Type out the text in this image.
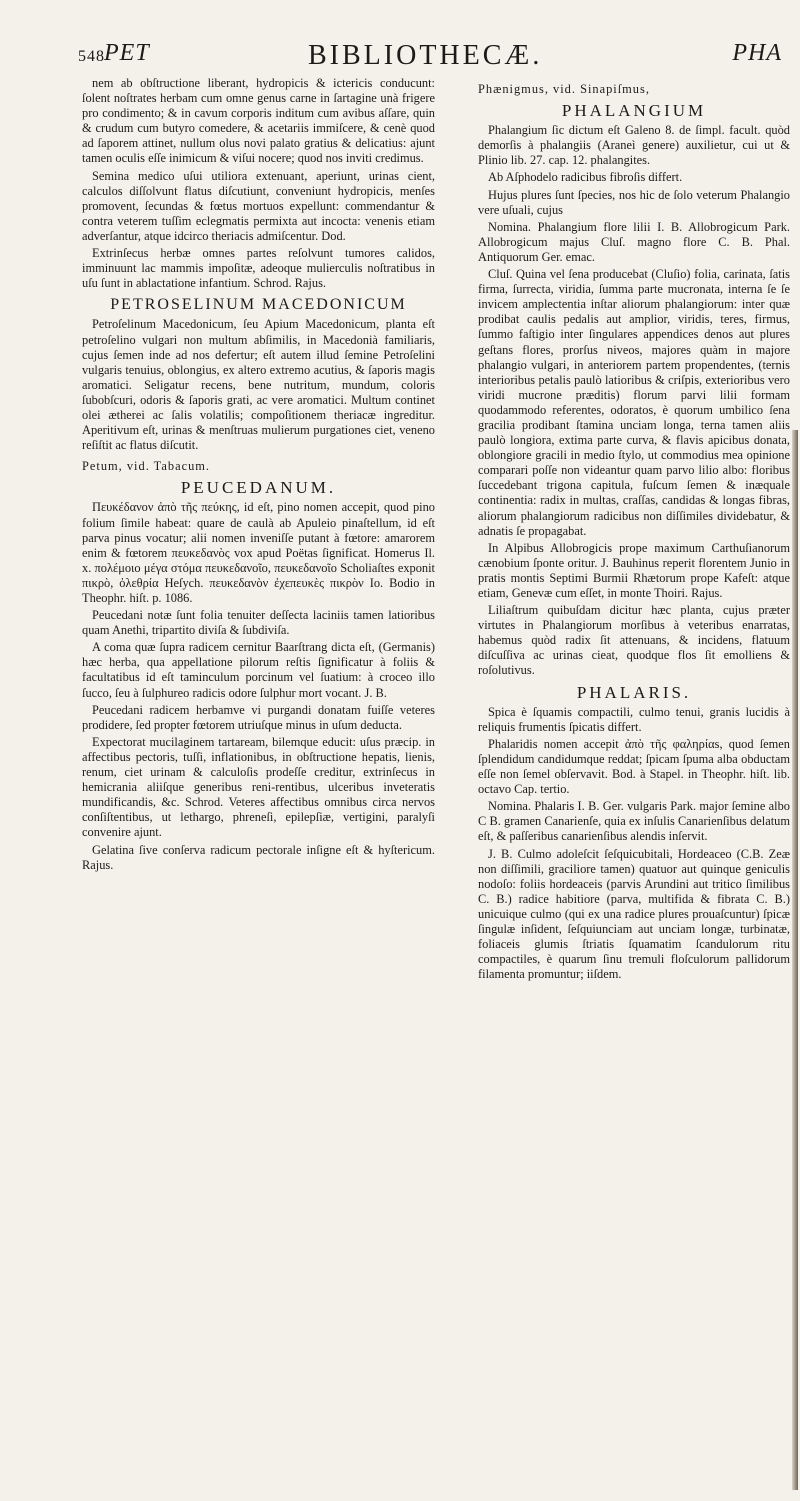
548 PET	BIBLIOTHECÆ.	PHA

nem ab obſtructione liberant, hydropicis & ictericis conducunt: ſolent noſtrates herbam cum omne genus carne in ſartagine unà frigere pro condimento; & in cavum corporis inditum cum avibus aſſare, quin & crudum cum butyro comedere, & acetariis immiſcere, & cenè quod ad ſaporem attinet, nullum olus novi palato gratius & delicatius: ajunt tamen oculis eſſe inimicum & viſui nocere; quod nos inviti credimus.

Semina medico uſui utiliora extenuant, aperiunt, urinas cient, calculos diſſolvunt flatus diſcutiunt, conveniunt hydropicis, menſes promovent, ſecundas & fœtus mortuos expellunt: commendantur & contra veterem tuſſim eclegmatis permixta aut incocta: venenis etiam adverſantur, atque idcirco theriacis admiſcentur. Dod.

Extrinſecus herbæ omnes partes reſolvunt tumores calidos, imminuunt lac mammis impoſitæ, adeoque mulierculis noſtratibus in uſu ſunt in ablactatione infantium. Schrod. Rajus.

PETROSELINUM MACEDONICUM

Petroſelinum Macedonicum, ſeu Apium Macedonicum, planta eſt petroſelino vulgari non multum abſimilis, in Macedonià familiaris, cujus ſemen inde ad nos defertur; eſt autem illud ſemine Petroſelini vulgaris tenuius, oblongius, ex altero extremo acutius, & ſaporis magis aromatici. Seligatur recens, bene nutritum, mundum, coloris ſubobſcuri, odoris & ſaporis grati, ac vere aromatici. Multum continet olei ætherei ac ſalis volatilis; compoſitionem theriacæ ingreditur. Aperitivum eſt, urinas & menſtruas mulierum purgationes ciet, veneno reſiſtit ac flatus diſcutit.

Petum, vid. Tabacum.

PEUCEDANUM.

Πευκέδανον ἀπὸ τῆς πεύκης, id eſt, pino nomen accepit, quod pino folium ſimile habeat: quare de caulà ab Apuleio pinaſtellum, id eſt parva pinus vocatur; alii nomen inveniſſe putant à fœtore: amarorem enim & fœtorem πευκεδανὸς vox apud Poëtas ſignificat. Homerus Il. x. πολέμοιο μέγα στόμα πευκεδανοῖο, πευκεδανοῖο Scholiaſtes exponit πικρὸ, ὀλεθρία Heſych. πευκεδανὸν ἐχεπευκὲς πικρὸν Io. Bodio in Theophr. hiſt. p. 1086.

Peucedani notæ ſunt folia tenuiter deſſecta laciniis tamen latioribus quam Anethi, tripartito diviſa & ſubdiviſa.

A coma quæ ſupra radicem cernitur Baarſtrang dicta eſt, (Germanis) hæc herba, qua appellatione pilorum reſtis ſignificatur à foliis & facultatibus id eſt taminculum porcinum vel ſuatium: à croceo illo ſucco, ſeu à ſulphureo radicis odore ſulphur mort vocant. J. B.

Peucedani radicem herbamve vi purgandi donatam fuiſſe veteres prodidere, ſed propter fœtorem utriuſque minus in uſum deducta.

Expectorat mucilaginem tartaream, bilemque educit: uſus præcip. in affectibus pectoris, tuſſi, inflationibus, in obſtructione hepatis, lienis, renum, ciet urinam & calculoſis prodeſſe creditur, extrinſecus in hemicrania aliiſque generibus reni-rentibus, ulceribus inveteratis mundificandis, &c. Schrod. Veteres affectibus omnibus circa nervos conſiſtentibus, ut lethargo, phreneſi, epilepſiæ, vertigini, paralyſi convenire ajunt.

Gelatina ſive conſerva radicum pectorale inſigne eſt & hyſtericum. Rajus.

Phænigmus, vid. Sinapiſmus,

PHALANGIUM

Phalangium ſic dictum eſt Galeno 8. de ſimpl. facult. quòd demorſis à phalangiis (Araneì genere) auxilietur, cui ut & Plinio lib. 27. cap. 12. phalangites.

Ab Aſphodelo radicibus fibroſis differt.

Hujus plures ſunt ſpecies, nos hic de ſolo veterum Phalangio vere uſuali, cujus

Nomina. Phalangium flore lilii I. B. Allobrogicum Park. Allobrogicum majus Cluſ. magno flore C. B. Phal. Antiquorum Ger. emac.

Cluſ. Quina vel ſena producebat (Cluſio) folia, carinata, ſatis firma, ſurrecta, viridia, ſumma parte mucronata, interna ſe ſe invicem amplectentia inſtar aliorum phalangiorum: inter quæ prodibat caulis pedalis aut amplior, viridis, teres, firmus, ſummo faſtigio inter ſingulares appendices denos aut plures geſtans flores, prorſus niveos, majores quàm in majore phalangio vulgari, in anteriorem partem propendentes, (ternis interioribus petalis paulò latioribus & criſpis, exterioribus vero viridi mucrone præditis) florum parvi lilii formam quodammodo referentes, odoratos, è quorum umbilico ſena gracilia prodibant ſtamina unciam longa, terna tamen aliis paulò longiora, extima parte curva, & flavis apicibus donata, oblongiore gracili in medio ſtylo, ut commodius mea opinione comparari poſſe non videantur quam parvo lilio albo: floribus ſuccedebant trigona capitula, fuſcum ſemen & inæquale continentia: radix in multas, craſſas, candidas & longas fibras, aliorum phalangiorum radicibus non diſſimiles dividebatur, & adnatis ſe propagabat.

In Alpibus Allobrogicis prope maximum Carthuſianorum cænobium ſponte oritur. J. Bauhinus reperit florentem Junio in pratis montis Septimi Burmii Rhætorum prope Kafeſt: atque etiam, Genevæ cum eſſet, in monte Thoiri. Rajus.

Liliaſtrum quibuſdam dicitur hæc planta, cujus præter virtutes in Phalangiorum morſibus à veteribus enarratas, habemus quòd radix ſit attenuans, & incidens, flatuum diſcuſſiva ac urinas cieat, quodque flos ſit emolliens & roſolutivus.

PHALARIS.

Spica è ſquamis compactili, culmo tenui, granis lucidis à reliquis frumentis ſpicatis differt.

Phalaridis nomen accepit ἀπὸ τῆς φαληρίαs, quod ſemen ſplendidum candidumque reddat; ſpicam ſpuma alba obductam eſſe non ſemel obſervavit. Bod. à Stapel. in Theophr. hiſt. lib. octavo Cap. tertio.

Nomina. Phalaris I. B. Ger. vulgaris Park. major ſemine albo C B. gramen Canarienſe, quia ex inſulis Canarienſibus delatum eſt, & paſſeribus canarienſibus alendis inſervit.

J. B. Culmo adoleſcit ſeſquicubitali, Hordeaceo (C.B. Zeæ non diſſimili, graciliore tamen) quatuor aut quinque geniculis nodoſo: foliis hordeaceis (parvis Arundini aut tritico ſimilibus C. B.) radice habitiore (parva, multifida & fibrata C. B.) unicuique culmo (qui ex una radice plures prouaſcuntur) ſpicæ ſingulæ inſident, ſeſquiunciam aut unciam longæ, turbinatæ, foliaceis glumis ſtriatis ſquamatim ſcandulorum ritu compactiles, è quarum ſinu tremuli floſculorum pallidorum filamenta promuntur; iiſdem.
